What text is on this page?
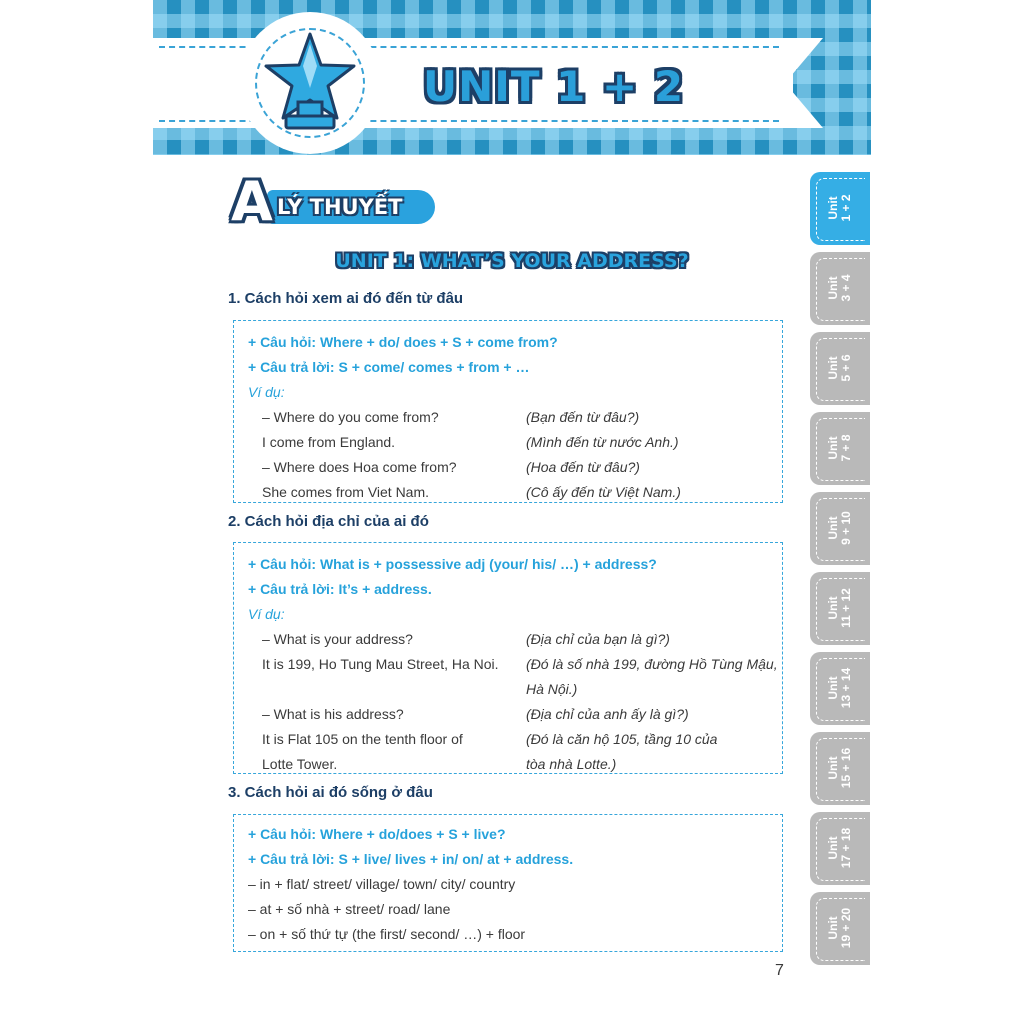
UNIT 1 + 2
A LÝ THUYẾT
UNIT 1: WHAT’S YOUR ADDRESS?
1. Cách hỏi xem ai đó đến từ đâu
+ Câu hỏi: Where + do/ does + S + come from?
+ Câu trả lời: S + come/ comes + from + …
Ví dụ:
– Where do you come from?	(Bạn đến từ đâu?)
I come from England.	(Mình đến từ nước Anh.)
– Where does Hoa come from?	(Hoa đến từ đâu?)
She comes from Viet Nam.	(Cô ấy đến từ Việt Nam.)
2. Cách hỏi địa chỉ của ai đó
+ Câu hỏi: What is + possessive adj (your/ his/ …) + address?
+ Câu trả lời: It’s + address.
Ví dụ:
– What is your address?	(Địa chỉ của bạn là gì?)
It is 199, Ho Tung Mau Street, Ha Noi. (Đó là số nhà 199, đường Hồ Tùng Mậu,
Hà Nội.)
– What is his address?	(Địa chỉ của anh ấy là gì?)
It is Flat 105 on the tenth floor of	(Đó là căn hộ 105, tầng 10 của
Lotte Tower.	tòa nhà Lotte.)
3. Cách hỏi ai đó sống ở đâu
+ Câu hỏi: Where + do/does + S + live?
+ Câu trả lời: S + live/ lives + in/ on/ at + address.
– in + flat/ street/ village/ town/ city/ country
– at + số nhà + street/ road/ lane
– on + số thứ tự (the first/ second/ …) + floor
7
Unit 1 + 2
Unit 3 + 4
Unit 5 + 6
Unit 7 + 8
Unit 9 + 10
Unit 11 + 12
Unit 13 + 14
Unit 15 + 16
Unit 17 + 18
Unit 19 + 20
